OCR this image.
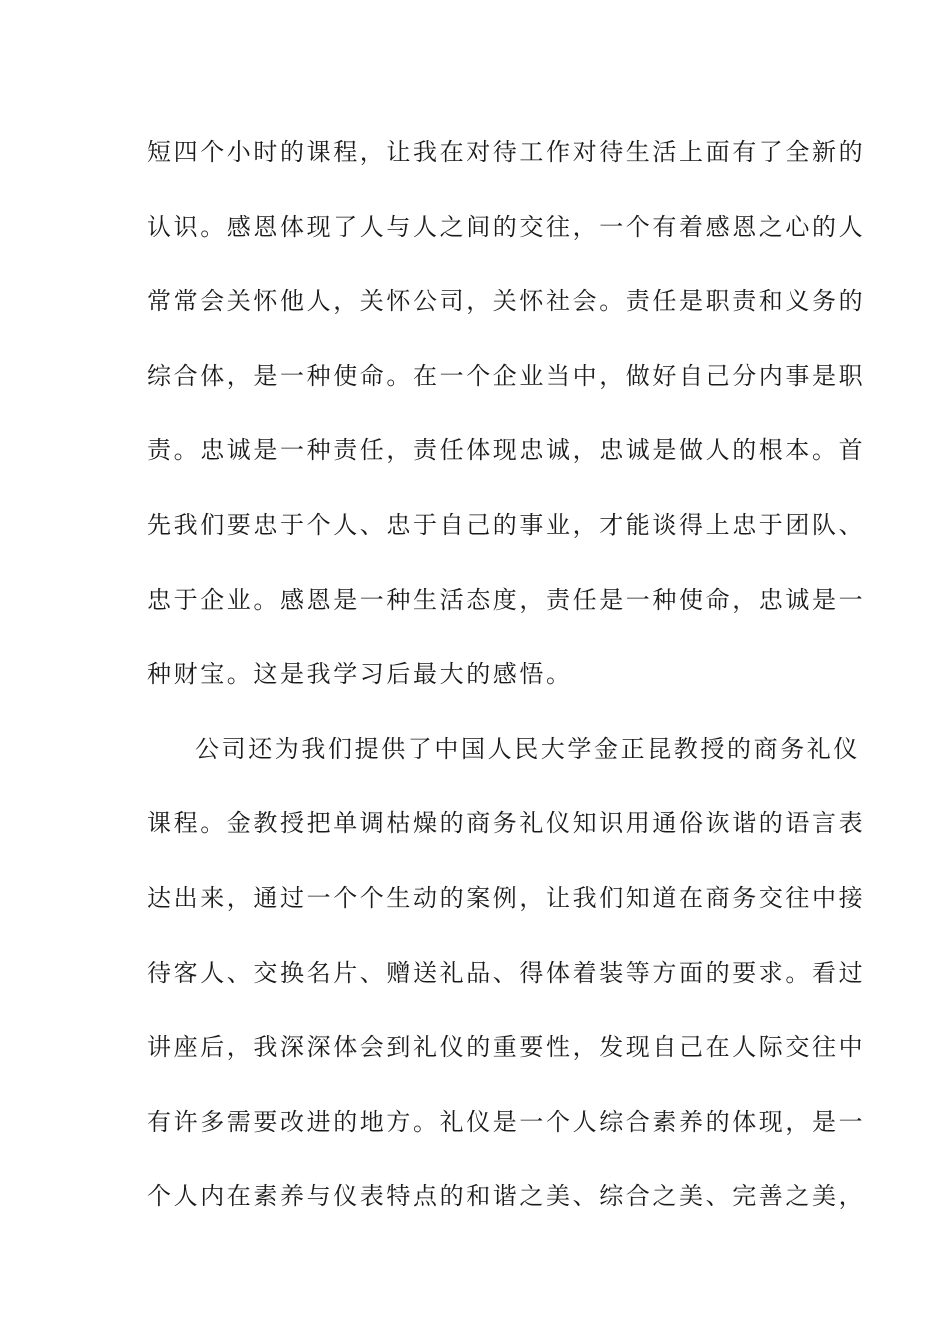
短四个小时的课程，让我在对待工作对待生活上面有了全新的
认识。感恩体现了人与人之间的交往，一个有着感恩之心的人
常常会关怀他人，关怀公司，关怀社会。责任是职责和义务的
综合体，是一种使命。在一个企业当中，做好自己分内事是职
责。忠诚是一种责任，责任体现忠诚，忠诚是做人的根本。首
先我们要忠于个人、忠于自己的事业，才能谈得上忠于团队、
忠于企业。感恩是一种生活态度，责任是一种使命，忠诚是一
种财宝。这是我学习后最大的感悟。
公司还为我们提供了中国人民大学金正昆教授的商务礼仪
课程。金教授把单调枯燥的商务礼仪知识用通俗诙谐的语言表
达出来，通过一个个生动的案例，让我们知道在商务交往中接
待客人、交换名片、赠送礼品、得体着装等方面的要求。看过
讲座后，我深深体会到礼仪的重要性，发现自己在人际交往中
有许多需要改进的地方。礼仪是一个人综合素养的体现，是一
个人内在素养与仪表特点的和谐之美、综合之美、完善之美，
